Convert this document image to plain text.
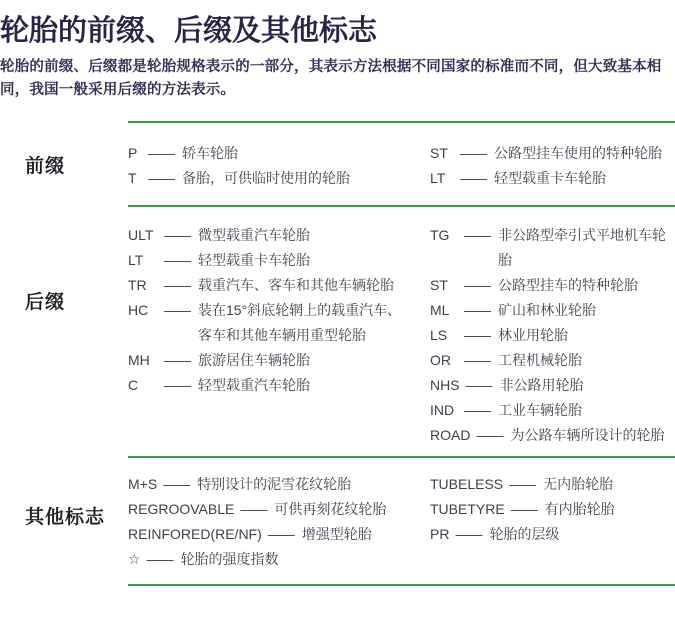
轮胎的前缀、后缀及其他标志

轮胎的前缀、后缀都是轮胎规格表示的一部分，其表示方法根据不同国家的标准而不同，但大致基本相同，我国一般采用后缀的方法表示。

前缀
P —— 轿车轮胎
T —— 备胎，可供临时使用的轮胎
ST —— 公路型挂车使用的特种轮胎
LT	—— 轻型载重卡车轮胎
后缀
ULT —— 微型载重汽车轮胎
LT	—— 轻型载重卡车轮胎
TR	—— 载重汽车、客车和其他车辆轮胎
HC	—— 装在15°斜底轮辋上的载重汽车、
客车和其他车辆用重型轮胎
MH	—— 旅游居住车辆轮胎
C	—— 轻型载重汽车轮胎
TG	—— 非公路型牵引式平地机车轮胎
ST	—— 公路型挂车的特种轮胎
ML	—— 矿山和林业轮胎
LS	—— 林业用轮胎
OR —— 工程机械轮胎
NHS —— 非公路用轮胎
IND —— 工业车辆轮胎
ROAD —— 为公路车辆所设计的轮胎
其他标志
M+S —— 特别设计的泥雪花纹轮胎
REGROOVABLE —— 可供再刻花纹轮胎
REINFORED(RE/NF) —— 增强型轮胎
☆ —— 轮胎的强度指数
TUBELESS —— 无内胎轮胎
TUBETYRE —— 有内胎轮胎
PR —— 轮胎的层级
